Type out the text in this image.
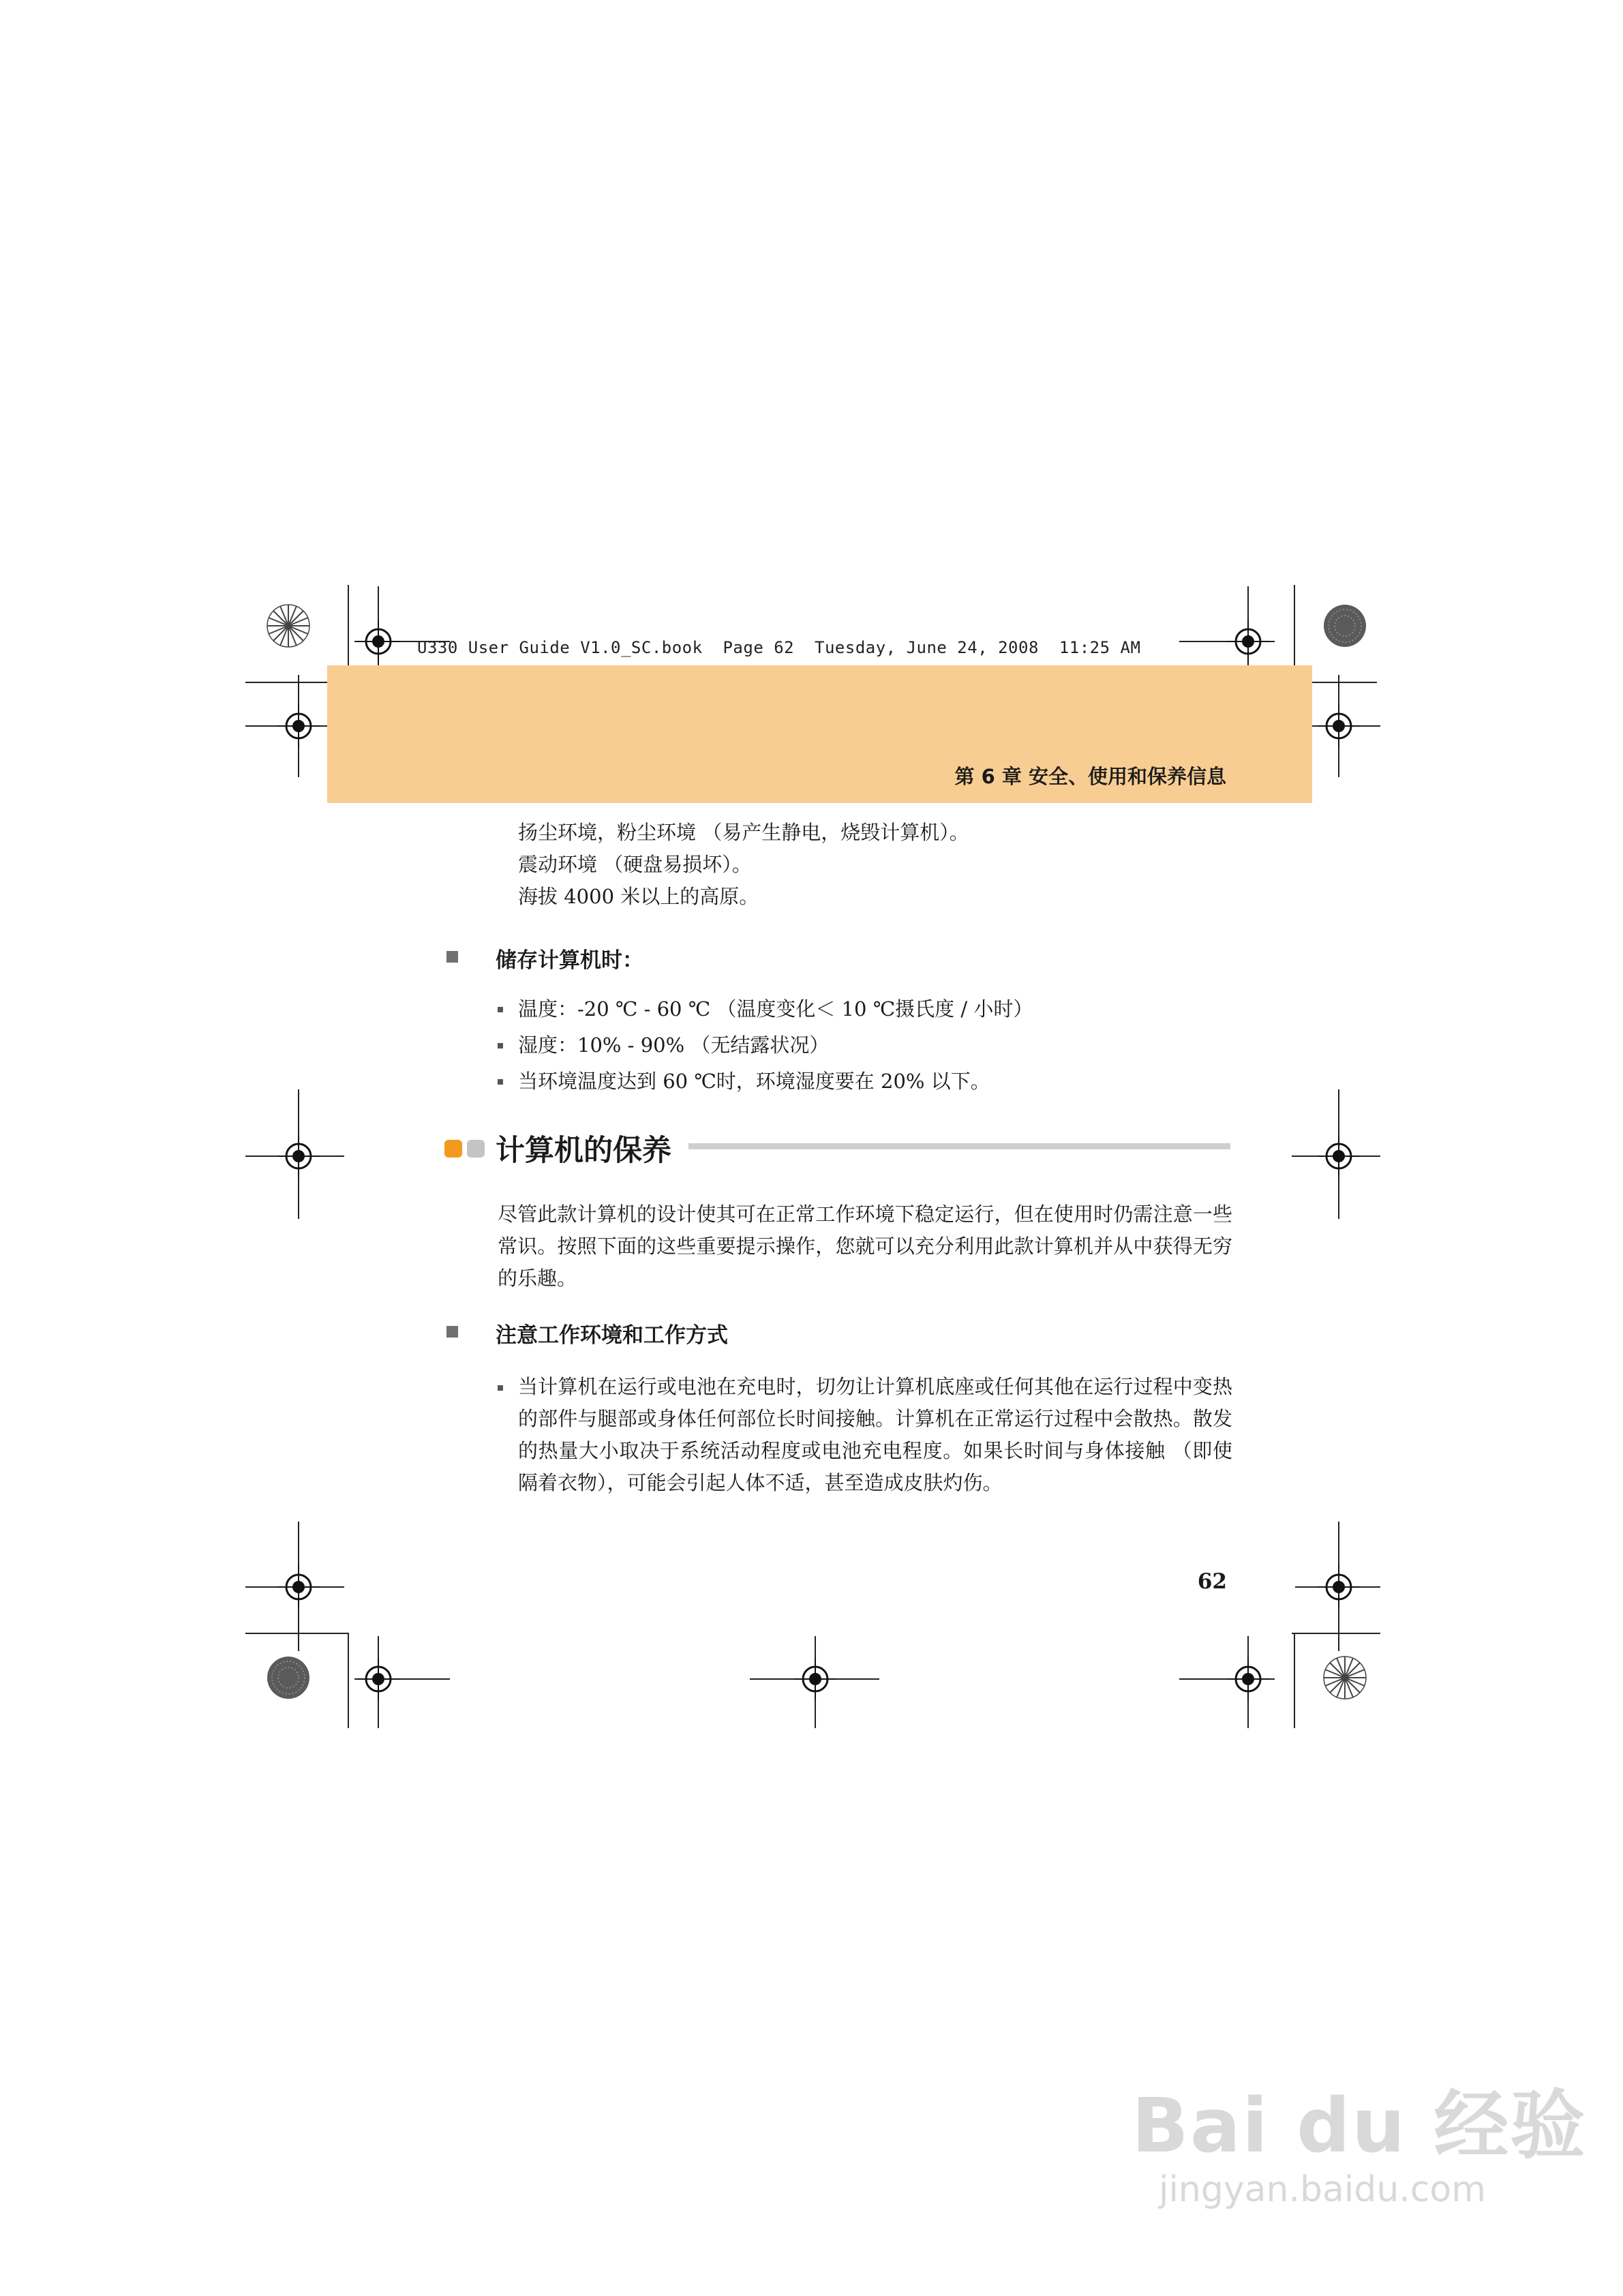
U330 User Guide V1.0_SC.book  Page 62  Tuesday, June 24, 2008  11:25 AM
第 6 章 安全、使用和保养信息
扬尘环境，粉尘环境 （易产生静电，烧毁计算机）。
震动环境 （硬盘易损坏）。
海拔 4000 米以上的高原。
储存计算机时：
温度：-20 ℃ - 60 ℃ （温度变化＜ 10 ℃摄氏度 / 小时）
湿度：10% - 90% （无结露状况）
当环境温度达到 60 ℃时，环境湿度要在 20% 以下。
计算机的保养
尽管此款计算机的设计使其可在正常工作环境下稳定运行，但在使用时仍需注意一些常识。按照下面的这些重要提示操作，您就可以充分利用此款计算机并从中获得无穷的乐趣。
注意工作环境和工作方式
当计算机在运行或电池在充电时，切勿让计算机底座或任何其他在运行过程中变热的部件与腿部或身体任何部位长时间接触。计算机在正常运行过程中会散热。散发的热量大小取决于系统活动程度或电池充电程度。如果长时间与身体接触 （即使隔着衣物），可能会引起人体不适，甚至造成皮肤灼伤。
62
Bai du 经验
jingyan.baidu.com
